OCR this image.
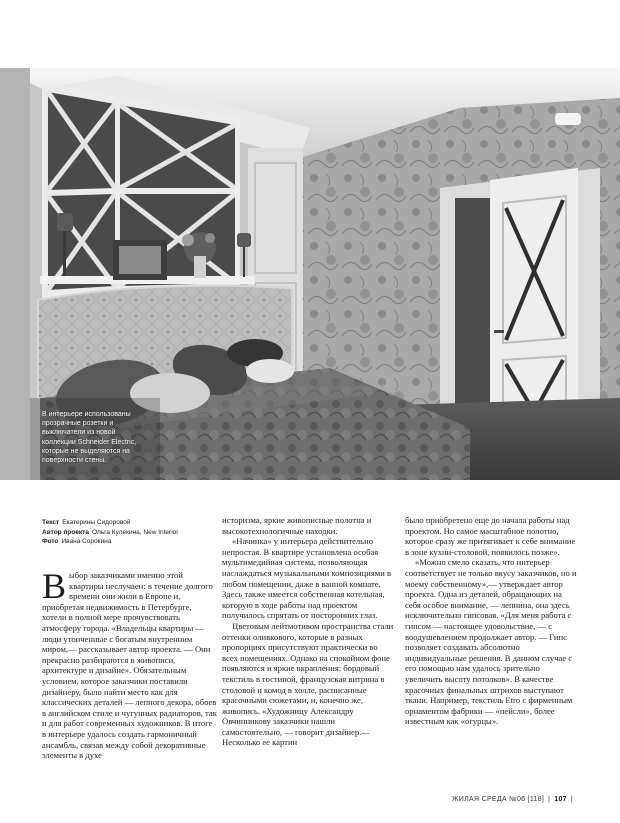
В интерьере использованы прозрачные розетки и выключатели из новой коллекции Schneider Electric, которые не выделяются на поверхности стены.

Текст Екатерины Сидоровой
Автор проекта Ольга Кулекина, New Interior
Фото Ивана Сорокина

Выбор заказчиками именно этой квартиры неслучаен: в течение долгого времени они жили в Европе и, приобретая недвижимость в Петербурге, хотели в полной мере прочувствовать атмосферу города. «Владельцы квартиры — люди утонченные с богатым внутренним миром,— рассказывает автор проекта. — Они прекрасно разбираются в живописи, архитектуре и дизайне». Обязательным условием, которое заказчики поставили дизайнеру, было найти место как для классических деталей — лепного декора, обоев в английском стиле и чугунных радиаторов, так и для работ современных художников. В итоге в интерьере удалось создать гармоничный ансамбль, связав между собой декоративные элементы в духе

историзма, яркие живописные полотна и высокотехнологичные находки.

«Начинка» у интерьера действительно непростая. В квартире установлена особая мультимедийная система, позволяющая наслаждаться музыкальными композициями в любом помещении, даже в ванной комнате. Здесь также имеется собственная котельная, которую в ходе работы над проектом получилось спрятать от посторонних глаз.

Цветовым лейтмотивом пространства стали оттенки оливкового, которые в разных пропорциях присутствуют практически во всех помещениях. Однако на спокойном фоне появляются и яркие вкрапления: бордовый текстиль в гостиной, французская витрина в столовой и комод в холле, расписанные красочными сюжетами, и, конечно же, живопись. «Художницу Александру Овчинникову заказчики нашли самостоятельно, — говорит дизайнер.— Несколько ее картин

было приобретено еще до начала работы над проектом. Но самое масштабное полотно, которое сразу же притягивает к себе внимание в зоне кухни-столовой, появилось позже».

«Можно смело сказать, что интерьер соответствует не только вкусу заказчиков, но и моему собственному»,— утверждает автор проекта. Одна из деталей, обращающих на себя особое внимание, — лепнина, она здесь исключительно гипсовая. «Для меня работа с гипсом — настоящее удовольствие, — с воодушевлением продолжает автор. — Гипс позволяет создавать абсолютно индивидуальные решения. В данном случае с его помощью нам удалось зрительно увеличить высоту потолков». В качестве красочных финальных штрихов выступают ткани. Например, текстиль Etro с фирменным орнаментом фабрики — «пейсли», более известным как «огурцы».

ЖИЛАЯ СРЕДА №06 [118] | 107 |
